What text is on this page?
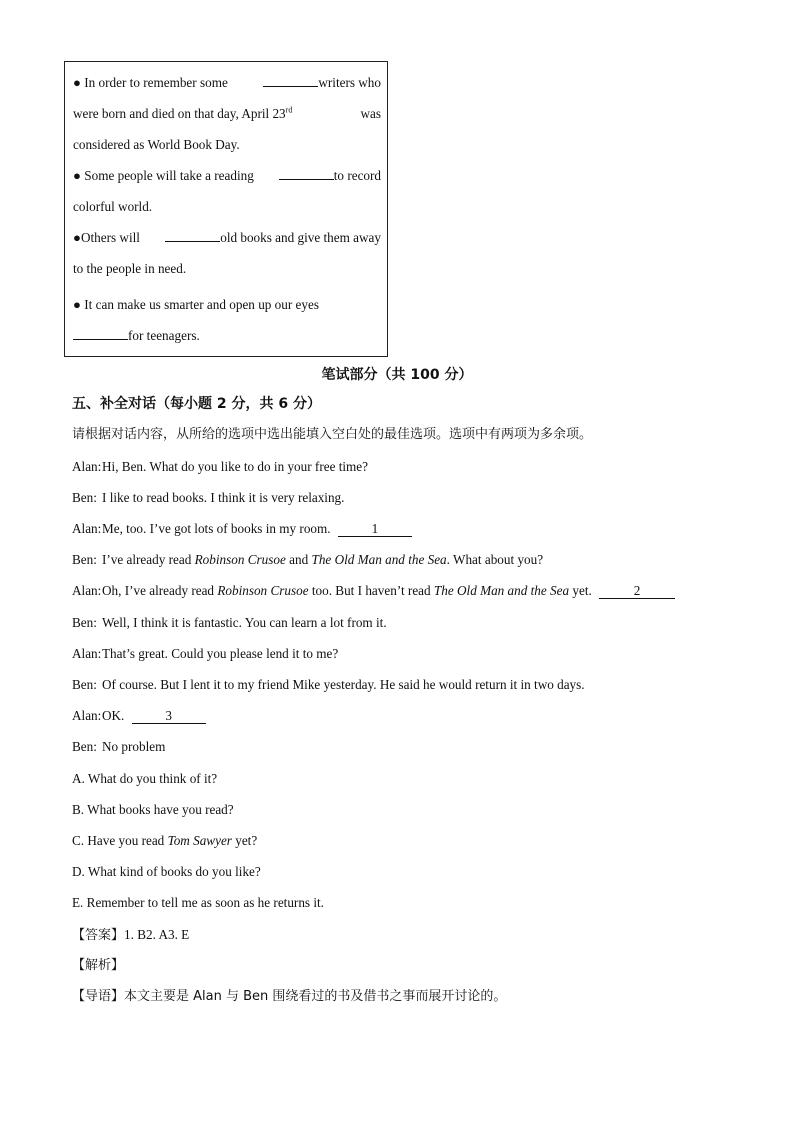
● In order to remember some	writers who
were born and died on that day, April 23rd	was
considered as World Book Day.
● Some people will take a reading	to record
colorful world.
●Others will	old books and give them away
to the people in need.
● It can make us smarter and open up our eyes
for teenagers.
笔试部分（共 100 分）
五、补全对话（每小题 2 分，共 6 分）
请根据对话内容，从所给的选项中选出能填入空白处的最佳选项。选项中有两项为多余项。
Alan:Hi, Ben. What do you like to do in your free time?
Ben: I like to read books. I think it is very relaxing.
Alan:Me, too. I’ve got lots of books in my room.	1
Ben: I’ve already read Robinson Crusoe and The Old Man and the Sea. What about you?
Alan:Oh, I’ve already read Robinson Crusoe too. But I haven’t read The Old Man and the Sea yet.	2
Ben: Well, I think it is fantastic. You can learn a lot from it.
Alan:That’s great. Could you please lend it to me?
Ben: Of course. But I lent it to my friend Mike yesterday. He said he would return it in two days.
Alan:OK.	3
Ben: No problem
A. What do you think of it?
B. What books have you read?
C. Have you read Tom Sawyer yet?
D. What kind of books do you like?
E. Remember to tell me as soon as he returns it.
【答案】1. B2. A3. E
【解析】
【导语】本文主要是 Alan 与 Ben 围绕看过的书及借书之事而展开讨论的。
